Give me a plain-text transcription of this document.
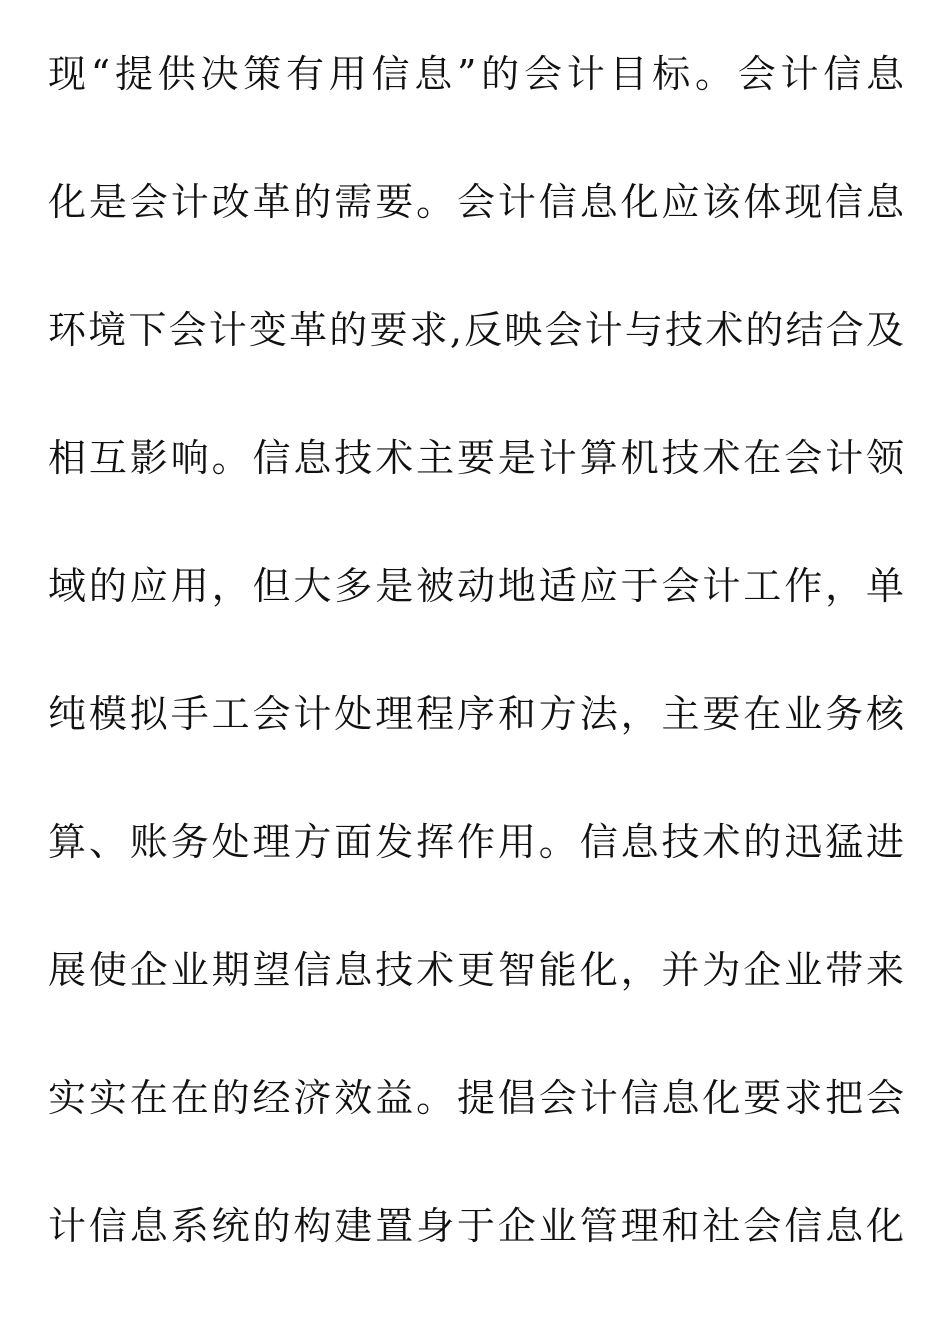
现“提供决策有用信息”的会计目标。会计信息
化是会计改革的需要。会计信息化应该体现信息
环境下会计变革的要求,反映会计与技术的结合及
相互影响。信息技术主要是计算机技术在会计领
域的应用，但大多是被动地适应于会计工作，单
纯模拟手工会计处理程序和方法，主要在业务核
算、账务处理方面发挥作用。信息技术的迅猛进
展使企业期望信息技术更智能化，并为企业带来
实实在在的经济效益。提倡会计信息化要求把会
计信息系统的构建置身于企业管理和社会信息化
